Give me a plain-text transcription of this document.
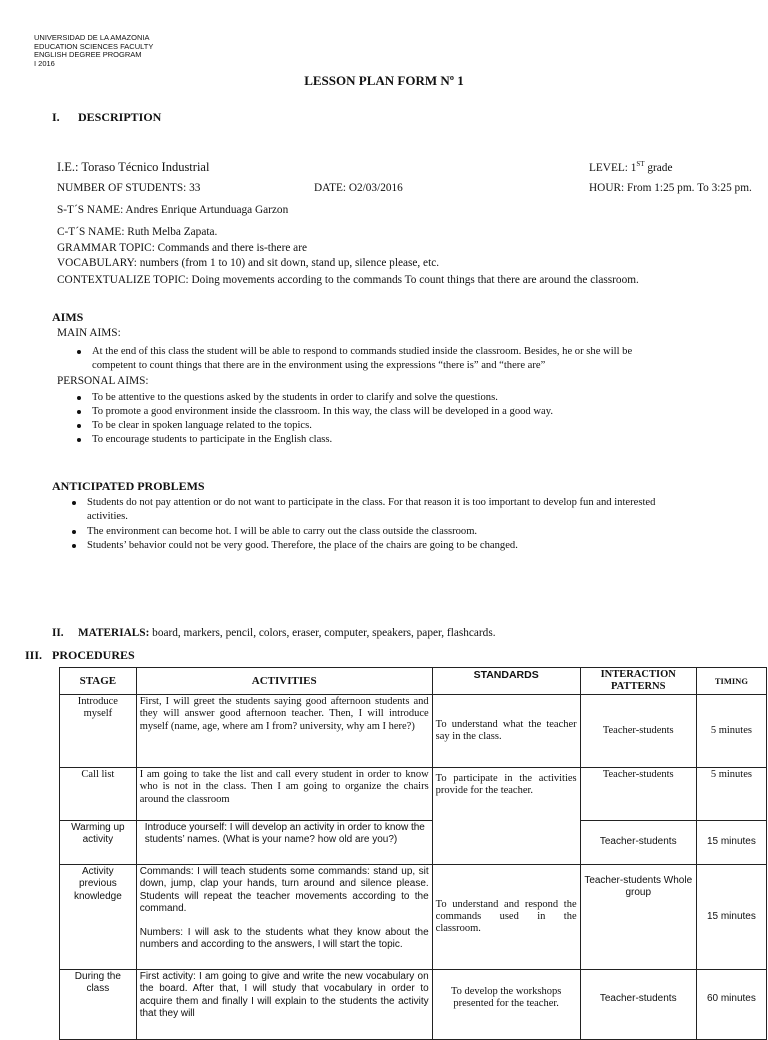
UNIVERSIDAD DE LA AMAZONIA
EDUCATION SCIENCES FACULTY
ENGLISH DEGREE PROGRAM
I 2016
LESSON PLAN FORM Nº 1
I. DESCRIPTION
I.E.: Toraso Técnico Industrial	LEVEL: 1ST grade
NUMBER OF STUDENTS: 33	DATE: O2/03/2016	HOUR: From 1:25 pm. To 3:25 pm.
S-T´S NAME: Andres Enrique Artunduaga Garzon
C-T´S NAME: Ruth Melba Zapata.
GRAMMAR TOPIC: Commands and there is-there are
VOCABULARY: numbers (from 1 to 10) and sit down, stand up, silence please, etc.
CONTEXTUALIZE TOPIC: Doing movements according to the commands To count things that there are around the classroom.
AIMS
MAIN AIMS:
At the end of this class the student will be able to respond to commands studied inside the classroom. Besides, he or she will be
competent to count things that there are in the environment using the expressions “there is” and “there are”
PERSONAL AIMS:
To be attentive to the questions asked by the students in order to clarify and solve the questions.
To promote a good environment inside the classroom. In this way, the class will be developed in a good way.
To be clear in spoken language related to the topics.
To encourage students to participate in the English class.
ANTICIPATED PROBLEMS
Students do not pay attention or do not want to participate in the class. For that reason it is too important to develop fun and interested
activities.
The environment can become hot. I will be able to carry out the class outside the classroom.
Students’ behavior could not be very good. Therefore, the place of the chairs are going to be changed.
II. MATERIALS: board, markers, pencil, colors, eraser, computer, speakers, paper, flashcards.
III. PROCEDURES
STAGE	ACTIVITIES	STANDARDS	INTERACTION PATTERNS	TIMING
Introduce myself	First, I will greet the students saying good afternoon students and they will answer good afternoon teacher. Then, I will introduce myself (name, age, where am I from? university, why am I here?)	To understand what the teacher say in the class.	Teacher-students	5 minutes
Call list	I am going to take the list and call every student in order to know who is not in the class. Then I am going to organize the chairs around the classroom	To participate in the activities provide for the teacher.	Teacher-students	5 minutes
Warming up activity	Introduce yourself: I will develop an activity in order to know the students’ names. (What is your name? how old are you?)		Teacher-students	15 minutes
Activity previous knowledge	Commands: I will teach students some commands: stand up, sit down, jump, clap your hands, turn around and silence please. Students will repeat the teacher movements according to the command.
Numbers: I will ask to the students what they know about the numbers and according to the answers, I will start the topic.	To understand and respond the commands used in the classroom.	Teacher-students Whole group	15 minutes
During the class	First activity: I am going to give and write the new vocabulary on the board. After that, I will study that vocabulary in order to acquire them and finally I will explain to the students the activity that they will	To develop the workshops presented for the teacher.	Teacher-students	60 minutes
